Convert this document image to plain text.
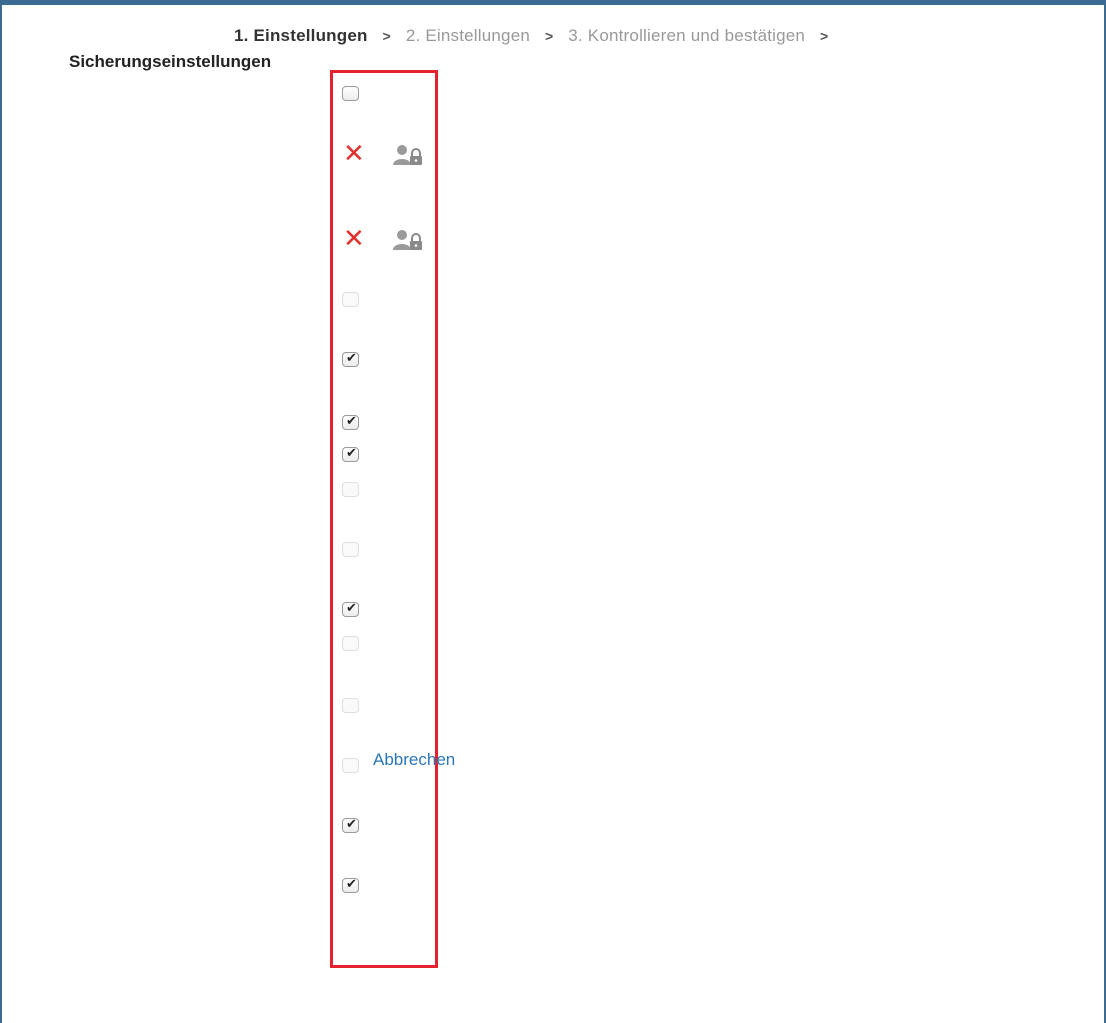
1. Einstellungen > 2. Einstellungen > 3. Kontrollieren und bestätigen >
Sicherungseinstellungen
✕
✕
✔
✔
✔
✔
✔
✔
Abbrechen
